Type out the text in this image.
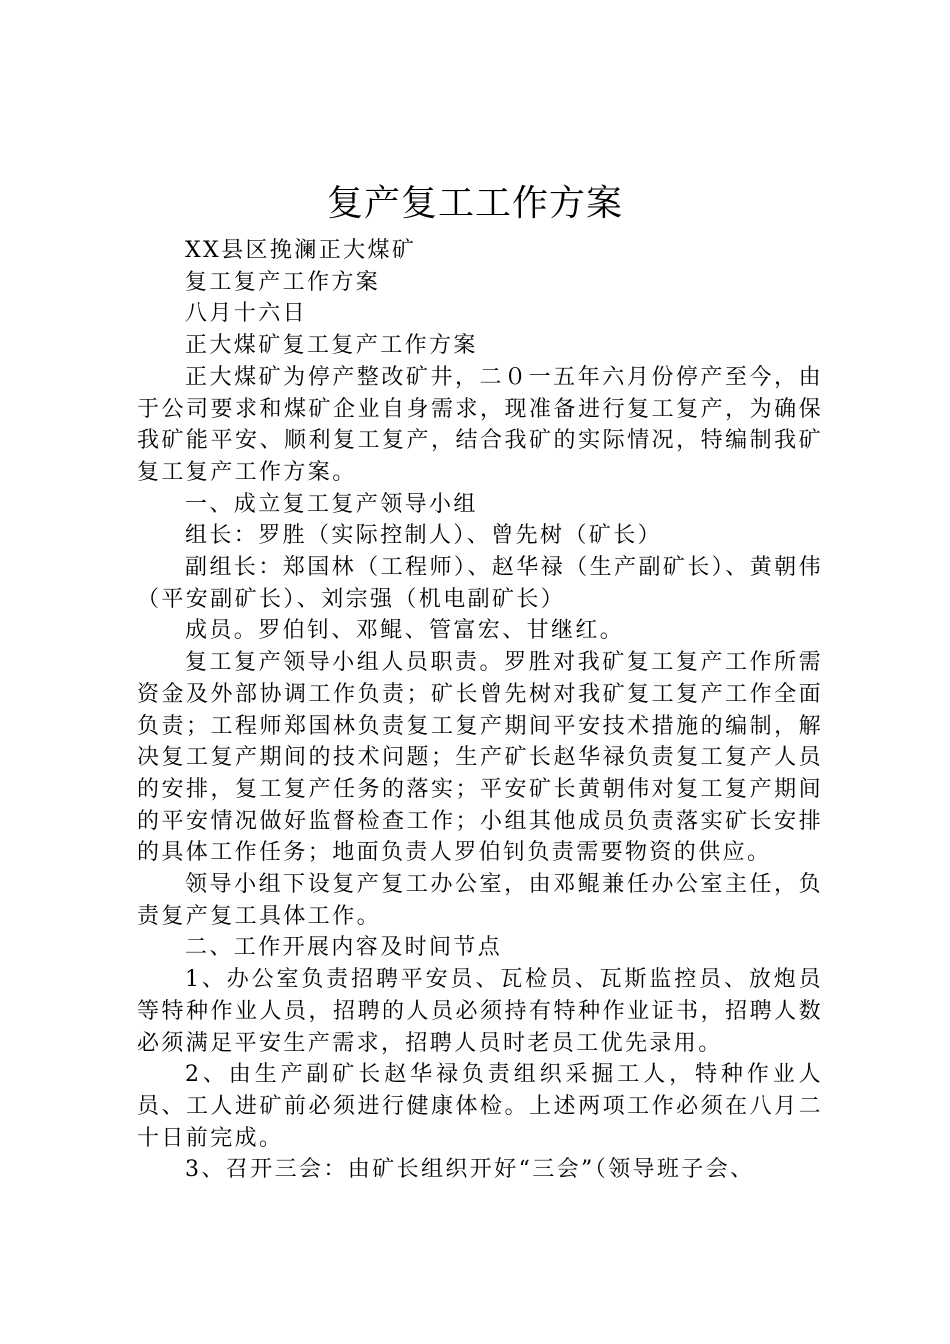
复产复工工作方案

XX县区挽澜正大煤矿

复工复产工作方案

八月十六日

正大煤矿复工复产工作方案

正大煤矿为停产整改矿井，二０一五年六月份停产至今，由于公司要求和煤矿企业自身需求，现准备进行复工复产，为确保我矿能平安、顺利复工复产，结合我矿的实际情况，特编制我矿复工复产工作方案。

一、成立复工复产领导小组

组长：罗胜（实际控制人）、曾先树（矿长）

副组长：郑国林（工程师）、赵华禄（生产副矿长）、黄朝伟（平安副矿长）、刘宗强（机电副矿长）

成员。罗伯钊、邓鲲、管富宏、甘继红。

复工复产领导小组人员职责。罗胜对我矿复工复产工作所需资金及外部协调工作负责；矿长曾先树对我矿复工复产工作全面负责；工程师郑国林负责复工复产期间平安技术措施的编制，解决复工复产期间的技术问题；生产矿长赵华禄负责复工复产人员的安排，复工复产任务的落实；平安矿长黄朝伟对复工复产期间的平安情况做好监督检查工作；小组其他成员负责落实矿长安排的具体工作任务；地面负责人罗伯钊负责需要物资的供应。

领导小组下设复产复工办公室，由邓鲲兼任办公室主任，负责复产复工具体工作。

二、工作开展内容及时间节点

1、办公室负责招聘平安员、瓦检员、瓦斯监控员、放炮员等特种作业人员，招聘的人员必须持有特种作业证书，招聘人数必须满足平安生产需求，招聘人员时老员工优先录用。

2、由生产副矿长赵华禄负责组织采掘工人，特种作业人员、工人进矿前必须进行健康体检。上述两项工作必须在八月二十日前完成。

3、召开三会：由矿长组织开好“三会”（领导班子会、
